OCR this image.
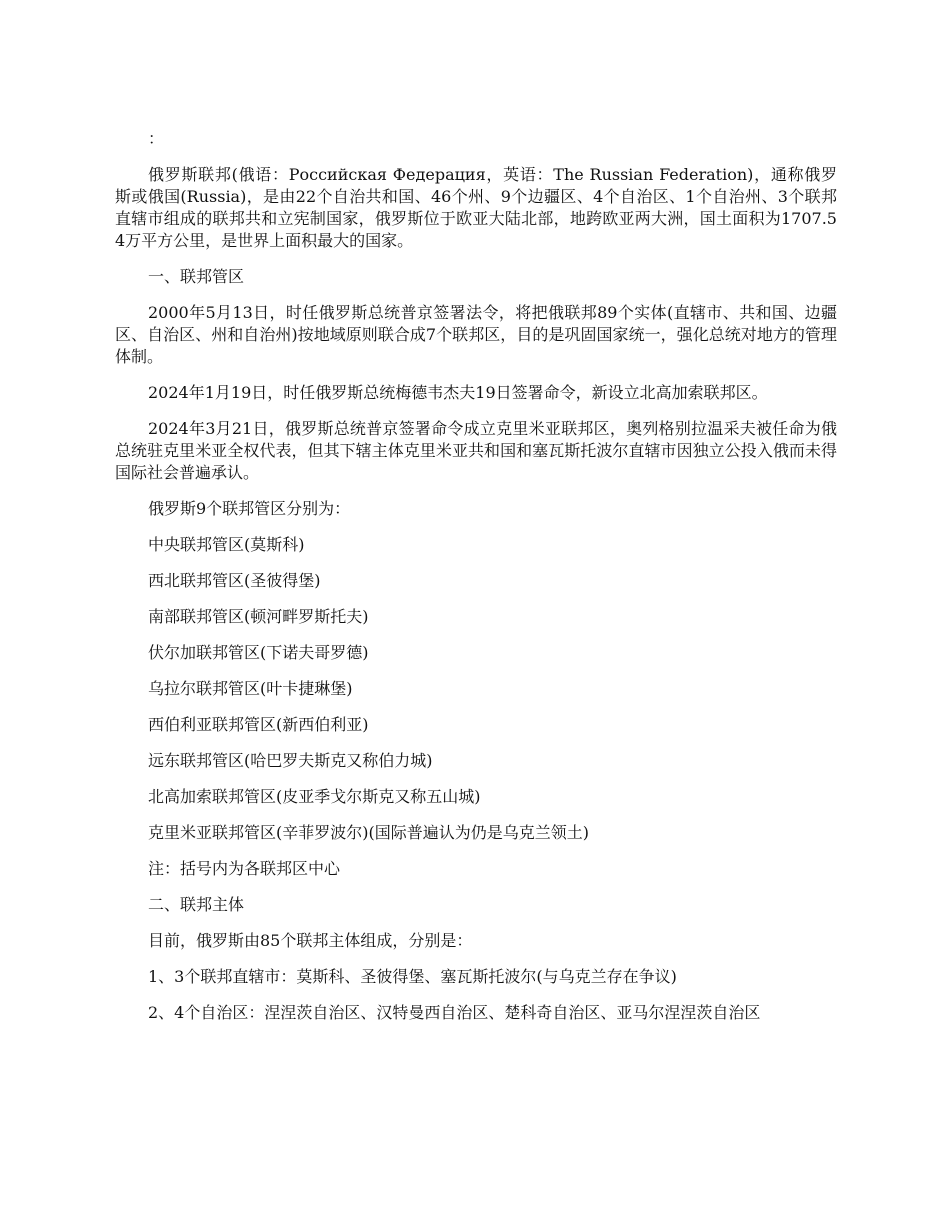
：

俄罗斯联邦(俄语：Российская Федерация，英语：The Russian Federation)，通称俄罗斯或俄国(Russia)，是由22个自治共和国、46个州、9个边疆区、4个自治区、1个自治州、3个联邦直辖市组成的联邦共和立宪制国家，俄罗斯位于欧亚大陆北部，地跨欧亚两大洲，国土面积为1707.54万平方公里，是世界上面积最大的国家。

一、联邦管区

2000年5月13日，时任俄罗斯总统普京签署法令，将把俄联邦89个实体(直辖市、共和国、边疆区、自治区、州和自治州)按地域原则联合成7个联邦区，目的是巩固国家统一，强化总统对地方的管理体制。

2024年1月19日，时任俄罗斯总统梅德韦杰夫19日签署命令，新设立北高加索联邦区。

2024年3月21日，俄罗斯总统普京签署命令成立克里米亚联邦区，奥列格别拉温采夫被任命为俄总统驻克里米亚全权代表，但其下辖主体克里米亚共和国和塞瓦斯托波尔直辖市因独立公投入俄而未得国际社会普遍承认。

俄罗斯9个联邦管区分别为：

中央联邦管区(莫斯科)

西北联邦管区(圣彼得堡)

南部联邦管区(顿河畔罗斯托夫)

伏尔加联邦管区(下诺夫哥罗德)

乌拉尔联邦管区(叶卡捷琳堡)

西伯利亚联邦管区(新西伯利亚)

远东联邦管区(哈巴罗夫斯克又称伯力城)

北高加索联邦管区(皮亚季戈尔斯克又称五山城)

克里米亚联邦管区(辛菲罗波尔)(国际普遍认为仍是乌克兰领土)

注：括号内为各联邦区中心

二、联邦主体

目前，俄罗斯由85个联邦主体组成，分别是：

1、3个联邦直辖市：莫斯科、圣彼得堡、塞瓦斯托波尔(与乌克兰存在争议)

2、4个自治区：涅涅茨自治区、汉特曼西自治区、楚科奇自治区、亚马尔涅涅茨自治区
